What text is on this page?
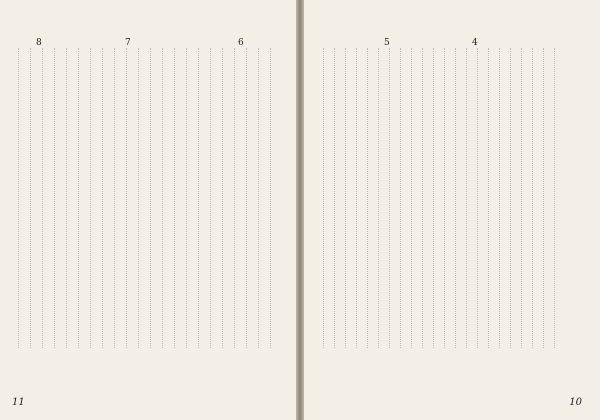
6
7
8
11
4
5
10
